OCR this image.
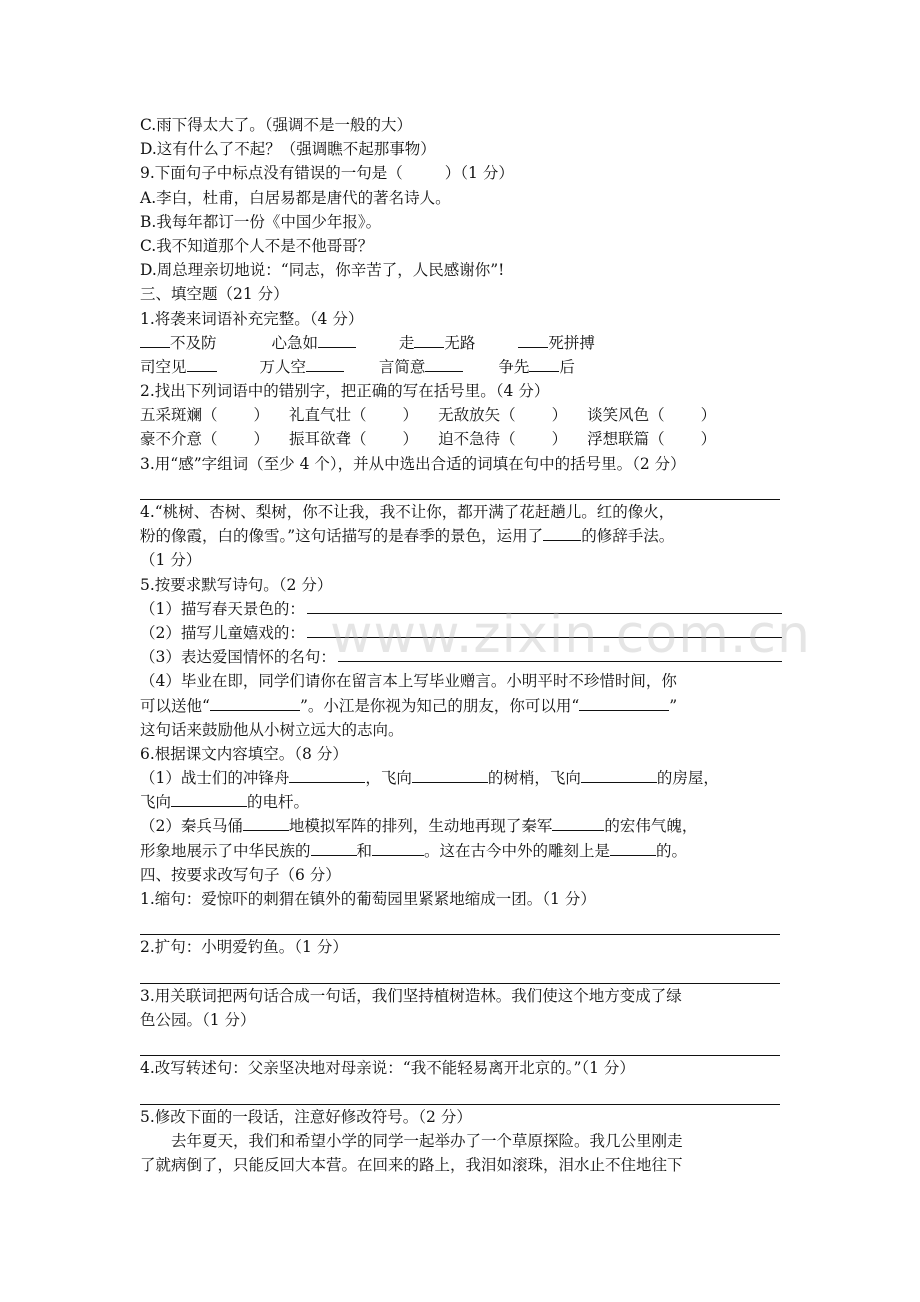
C.雨下得太大了。（强调不是一般的大）
D.这有什么了不起？（强调瞧不起那事物）
9.下面句子中标点没有错误的一句是（	）（1 分）
A.李白，杜甫，白居易都是唐代的著名诗人。
B.我每年都订一份《中国少年报》。
C.我不知道那个人不是不他哥哥？
D.周总理亲切地说：“同志，你辛苦了，人民感谢你”!
三、填空题（21 分）
1.将袭来词语补充完整。（4 分）
不及防	心急如	走 无路	死拼搏
司空见	万人空	言简意	争先 后
2.找出下列词语中的错别字，把正确的写在括号里。（4 分）
五采斑斓（ ） 礼直气壮（ ） 无敌放矢（ ） 谈笑风色（ ）
豪不介意（ ） 振耳欲聋（ ） 迫不急待（ ） 浮想联篇（ ）
3.用“感”字组词（至少 4 个），并从中选出合适的词填在句中的括号里。（2 分）
4.“桃树、杏树、梨树，你不让我，我不让你，都开满了花赶趟儿。红的像火，
粉的像霞，白的像雪。”这句话描写的是春季的景色，运用了 的修辞手法。
（1 分）
5.按要求默写诗句。（2 分）
（1）描写春天景色的：
（2）描写儿童嬉戏的：
（3）表达爱国情怀的名句：
（4）毕业在即，同学们请你在留言本上写毕业赠言。小明平时不珍惜时间，你
可以送他“	”。小江是你视为知己的朋友，你可以用“	”
这句话来鼓励他从小树立远大的志向。
6.根据课文内容填空。（8 分）
（1）战士们的冲锋舟	，飞向	的树梢，飞向	的房屋，
飞向	的电杆。
（2）秦兵马俑	地模拟军阵的排列，生动地再现了秦军	的宏伟气魄，
形象地展示了中华民族的	和	。这在古今中外的雕刻上是	的。
四、按要求改写句子（6 分）
1.缩句：爱惊吓的刺猬在镇外的葡萄园里紧紧地缩成一团。（1 分）
2.扩句：小明爱钓鱼。（1 分）
3.用关联词把两句话合成一句话，我们坚持植树造林。我们使这个地方变成了绿
色公园。（1 分）
4.改写转述句：父亲坚决地对母亲说：“我不能轻易离开北京的。”（1 分）
5.修改下面的一段话，注意好修改符号。（2 分）
去年夏天，我们和希望小学的同学一起举办了一个草原探险。我几公里刚走
了就病倒了，只能反回大本营。在回来的路上，我泪如滚珠，泪水止不住地往下
www.zixin.com.cn
